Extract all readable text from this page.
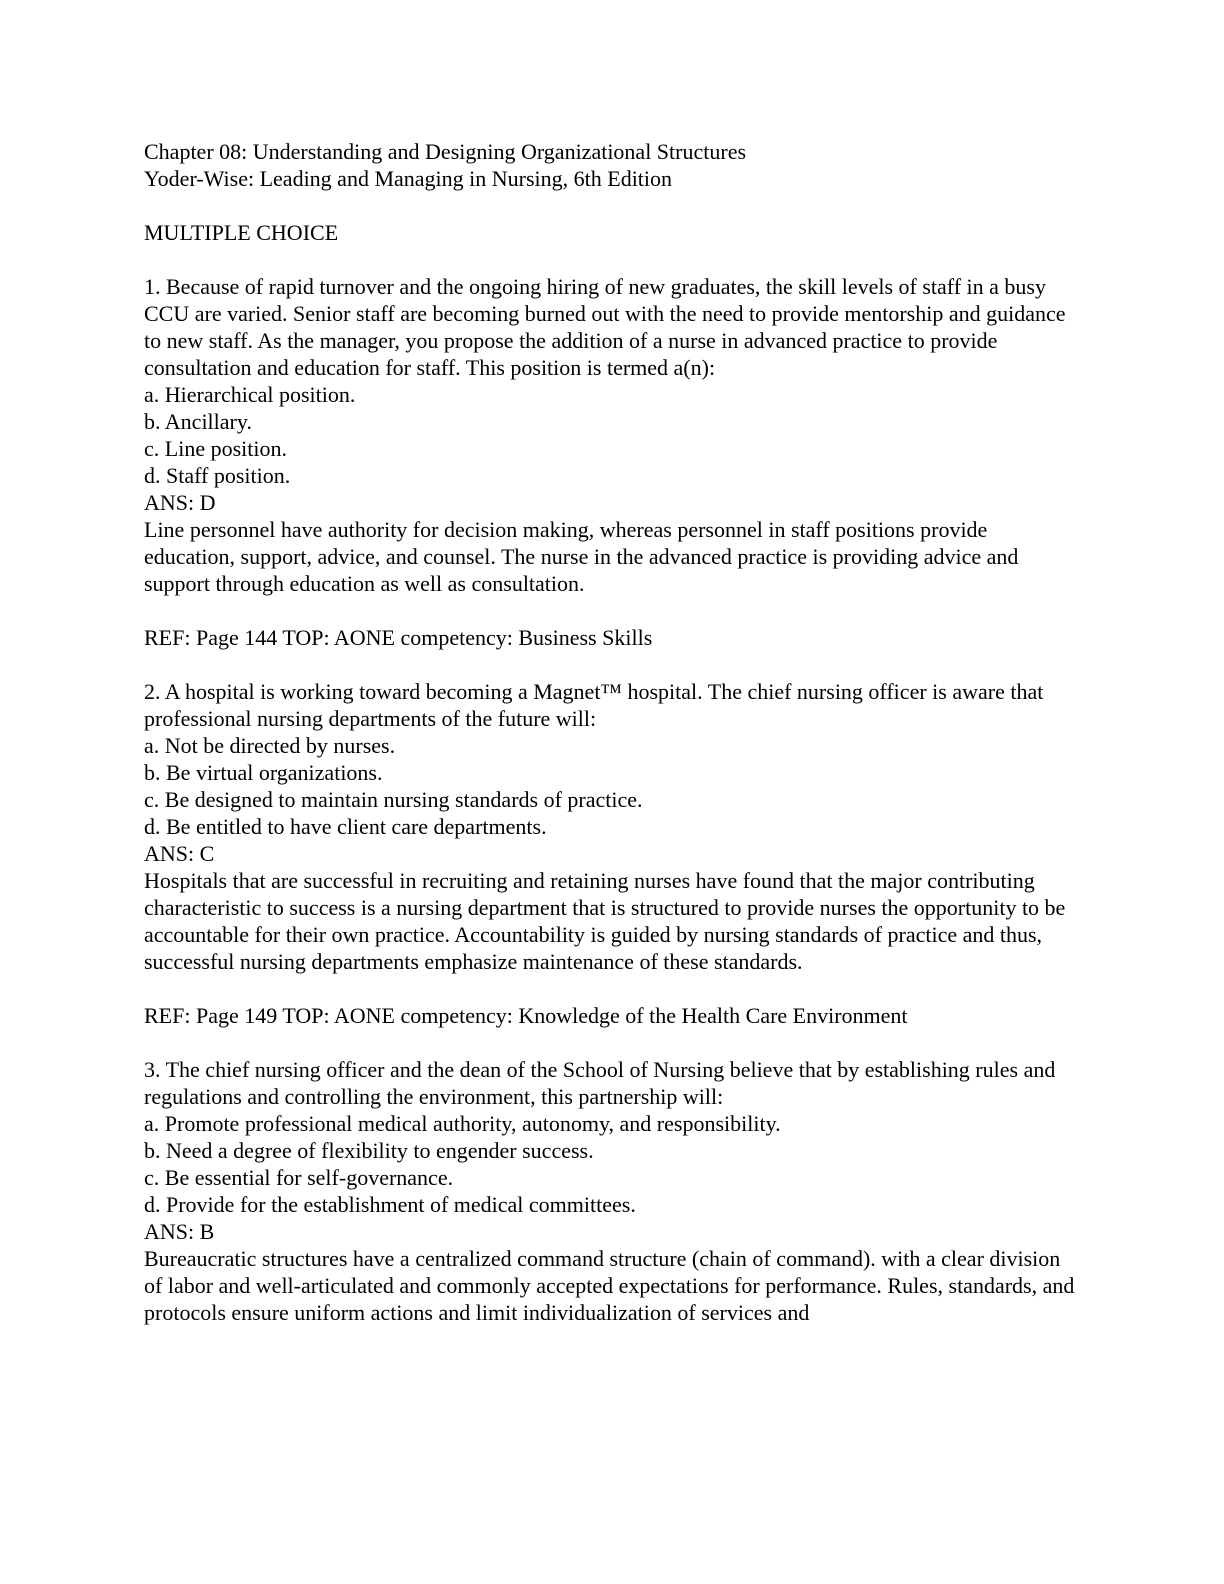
Chapter 08: Understanding and Designing Organizational Structures

Yoder-Wise: Leading and Managing in Nursing, 6th Edition

MULTIPLE CHOICE

1. Because of rapid turnover and the ongoing hiring of new graduates, the skill levels of staff in a busy CCU are varied. Senior staff are becoming burned out with the need to provide mentorship and guidance to new staff. As the manager, you propose the addition of a nurse in advanced practice to provide consultation and education for staff. This position is termed a(n):

a. Hierarchical position.

b. Ancillary.

c. Line position.

d. Staff position.

ANS: D

Line personnel have authority for decision making, whereas personnel in staff positions provide education, support, advice, and counsel. The nurse in the advanced practice is providing advice and support through education as well as consultation.

REF: Page 144 TOP: AONE competency: Business Skills

2. A hospital is working toward becoming a Magnet™ hospital. The chief nursing officer is aware that professional nursing departments of the future will:

a. Not be directed by nurses.

b. Be virtual organizations.

c. Be designed to maintain nursing standards of practice.

d. Be entitled to have client care departments.

ANS: C

Hospitals that are successful in recruiting and retaining nurses have found that the major contributing characteristic to success is a nursing department that is structured to provide nurses the opportunity to be accountable for their own practice. Accountability is guided by nursing standards of practice and thus, successful nursing departments emphasize maintenance of these standards.

REF: Page 149 TOP: AONE competency: Knowledge of the Health Care Environment

3. The chief nursing officer and the dean of the School of Nursing believe that by establishing rules and regulations and controlling the environment, this partnership will:

a. Promote professional medical authority, autonomy, and responsibility.

b. Need a degree of flexibility to engender success.

c. Be essential for self-governance.

d. Provide for the establishment of medical committees.

ANS: B

Bureaucratic structures have a centralized command structure (chain of command). with a clear division of labor and well-articulated and commonly accepted expectations for performance. Rules, standards, and protocols ensure uniform actions and limit individualization of services and
